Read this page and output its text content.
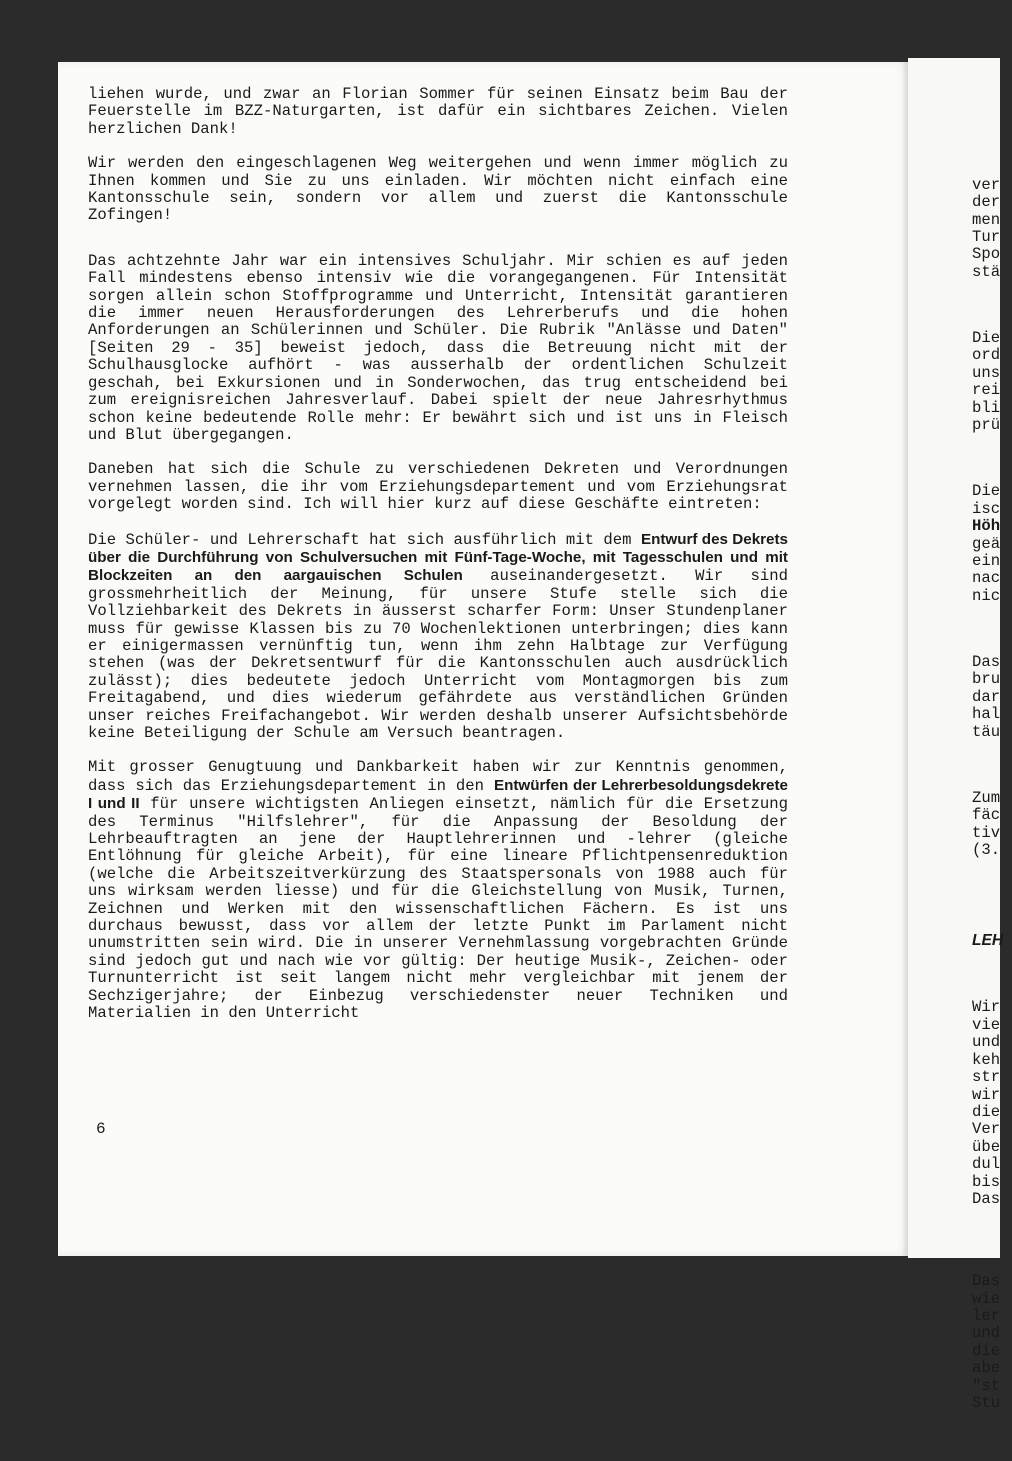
liehen wurde, und zwar an Florian Sommer für seinen Einsatz beim Bau der Feuerstelle im BZZ-Naturgarten, ist dafür ein sichtbares Zeichen. Vielen herzlichen Dank!

Wir werden den eingeschlagenen Weg weitergehen und wenn immer möglich zu Ihnen kommen und Sie zu uns einladen. Wir möchten nicht einfach eine Kantonsschule sein, sondern vor allem und zuerst die Kantonsschule Zofingen!

Das achtzehnte Jahr war ein intensives Schuljahr. Mir schien es auf jeden Fall mindestens ebenso intensiv wie die vorangegangenen. Für Intensität sorgen allein schon Stoffprogramme und Unterricht, Intensität garantieren die immer neuen Herausforderungen des Lehrerberufs und die hohen Anforderungen an Schülerinnen und Schüler. Die Rubrik "Anlässe und Daten" [Seiten 29 - 35] beweist jedoch, dass die Betreuung nicht mit der Schulhausglocke aufhört - was ausserhalb der ordentlichen Schulzeit geschah, bei Exkursionen und in Sonderwochen, das trug entscheidend bei zum ereignisreichen Jahresverlauf. Dabei spielt der neue Jahresrhythmus schon keine bedeutende Rolle mehr: Er bewährt sich und ist uns in Fleisch und Blut übergegangen.

Daneben hat sich die Schule zu verschiedenen Dekreten und Verordnungen vernehmen lassen, die ihr vom Erziehungsdepartement und vom Erziehungsrat vorgelegt worden sind. Ich will hier kurz auf diese Geschäfte eintreten:

Die Schüler- und Lehrerschaft hat sich ausführlich mit dem Entwurf des Dekrets über die Durchführung von Schulversuchen mit Fünf-Tage-Woche, mit Tagesschulen und mit Blockzeiten an den aargauischen Schulen auseinandergesetzt. Wir sind grossmehrheitlich der Meinung, für unsere Stufe stelle sich die Vollziehbarkeit des Dekrets in äusserst scharfer Form: Unser Stundenplaner muss für gewisse Klassen bis zu 70 Wochenlektionen unterbringen; dies kann er einigermassen vernünftig tun, wenn ihm zehn Halbtage zur Verfügung stehen (was der Dekretsentwurf für die Kantonsschulen auch ausdrücklich zulässt); dies bedeutete jedoch Unterricht vom Montagmorgen bis zum Freitagabend, und dies wiederum gefährdete aus verständlichen Gründen unser reiches Freifachangebot. Wir werden deshalb unserer Aufsichtsbehörde keine Beteiligung der Schule am Versuch beantragen.

Mit grosser Genugtuung und Dankbarkeit haben wir zur Kenntnis genommen, dass sich das Erziehungsdepartement in den Entwürfen der Lehrerbesoldungsdekrete I und II für unsere wichtigsten Anliegen einsetzt, nämlich für die Ersetzung des Terminus "Hilfslehrer", für die Anpassung der Besoldung der Lehrbeauftragten an jene der Hauptlehrerinnen und -lehrer (gleiche Entlöhnung für gleiche Arbeit), für eine lineare Pflichtpensenreduktion (welche die Arbeitszeitverkürzung des Staatspersonals von 1988 auch für uns wirksam werden liesse) und für die Gleichstellung von Musik, Turnen, Zeichnen und Werken mit den wissenschaftlichen Fächern. Es ist uns durchaus bewusst, dass vor allem der letzte Punkt im Parlament nicht unumstritten sein wird. Die in unserer Vernehmlassung vorgebrachten Gründe sind jedoch gut und nach wie vor gültig: Der heutige Musik-, Zeichen- oder Turnunterricht ist seit langem nicht mehr vergleichbar mit jenem der Sechzigerjahre; der Einbezug verschiedenster neuer Techniken und Materialien in den Unterricht

6

ver
der
men
Tur
Spo
stä

Die
ord
uns
rei
bli
prü

Die
isc
Höh
geä
ein
nac
nic

Das
bru
dar
hal
täu

Zum
fäc
tiv
(3.

LEH

Wir
vie
und
keh
str
wir
die
Ver
übe
dul
bis
Das

Das
wie
ler
und
die
abe
"st
Stu
